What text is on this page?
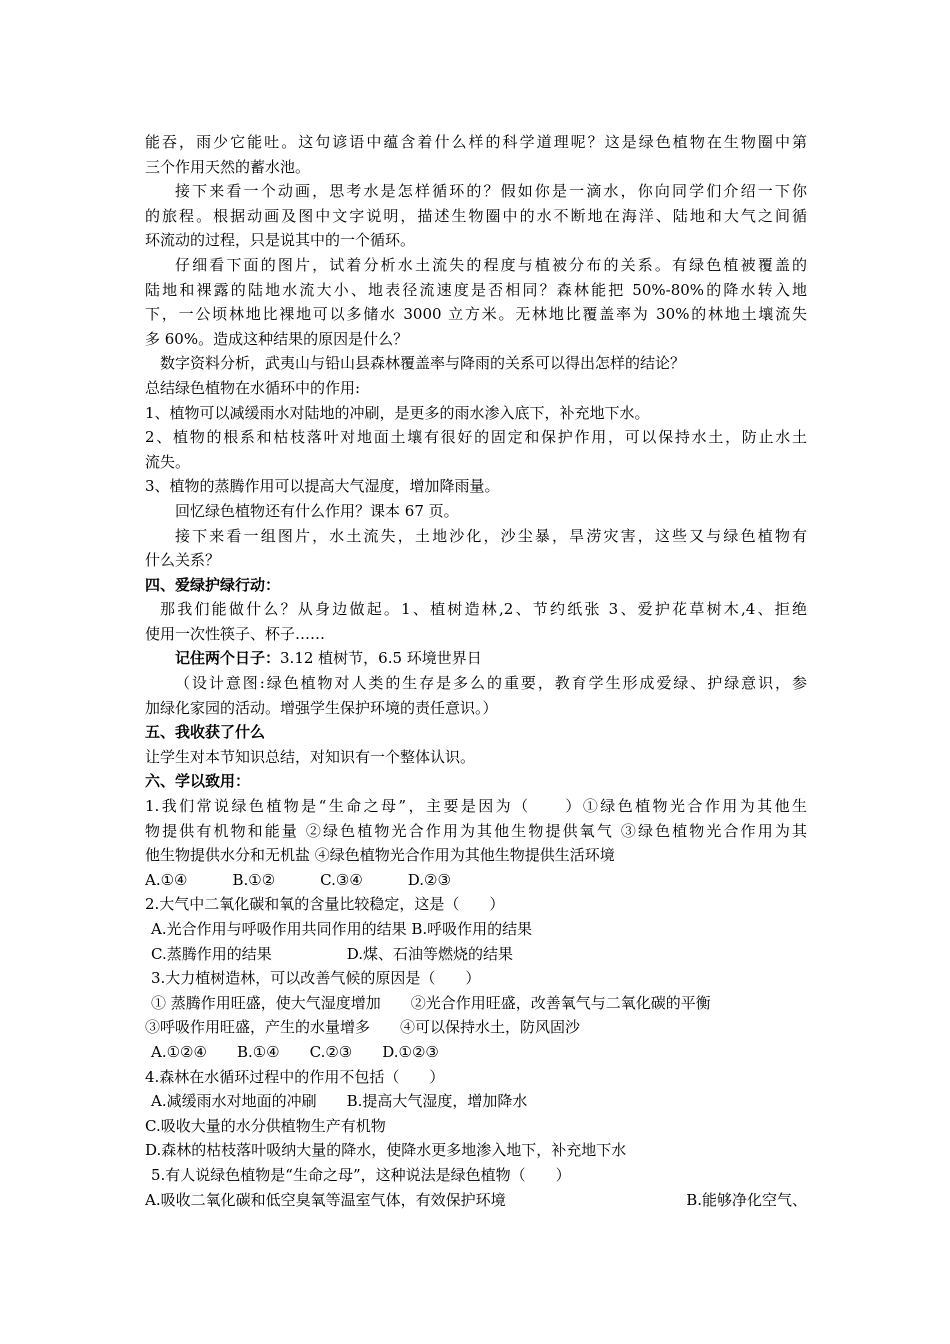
能吞，雨少它能吐。这句谚语中蕴含着什么样的科学道理呢？这是绿色植物在生物圈中第
三个作用天然的蓄水池。
接下来看一个动画，思考水是怎样循环的？假如你是一滴水，你向同学们介绍一下你
的旅程。根据动画及图中文字说明，描述生物圈中的水不断地在海洋、陆地和大气之间循
环流动的过程，只是说其中的一个循环。
仔细看下面的图片，试着分析水土流失的程度与植被分布的关系。有绿色植被覆盖的
陆地和裸露的陆地水流大小、地表径流速度是否相同？森林能把 50%-80%的降水转入地
下，一公顷林地比裸地可以多储水 3000 立方米。无林地比覆盖率为 30%的林地土壤流失
多 60%。造成这种结果的原因是什么？
数字资料分析，武夷山与铅山县森林覆盖率与降雨的关系可以得出怎样的结论？
总结绿色植物在水循环中的作用:
1、植物可以减缓雨水对陆地的冲刷，是更多的雨水渗入底下，补充地下水。
2、植物的根系和枯枝落叶对地面土壤有很好的固定和保护作用，可以保持水土，防止水土
流失。
3、植物的蒸腾作用可以提高大气湿度，增加降雨量。
回忆绿色植物还有什么作用？课本 67 页。
接下来看一组图片，水土流失，土地沙化，沙尘暴，旱涝灾害，这些又与绿色植物有
什么关系？
四、爱绿护绿行动：
那我们能做什么？从身边做起。1、植树造林,2、节约纸张 3、爱护花草树木,4、拒绝
使用一次性筷子、杯子……
记住两个日子：3.12 植树节，6.5 环境世界日
（设计意图:绿色植物对人类的生存是多么的重要，教育学生形成爱绿、护绿意识，参
加绿化家园的活动。增强学生保护环境的责任意识。）
五、我收获了什么
让学生对本节知识总结，对知识有一个整体认识。
六、学以致用：
1.我们常说绿色植物是“生命之母”，主要是因为（　　）①绿色植物光合作用为其他生
物提供有机物和能量 ②绿色植物光合作用为其他生物提供氧气 ③绿色植物光合作用为其
他生物提供水分和无机盐 ④绿色植物光合作用为其他生物提供生活环境
A.①④　　　B.①②　　　C.③④　　　D.②③
2.大气中二氧化碳和氧的含量比较稳定，这是（　　）
A.光合作用与呼吸作用共同作用的结果 B.呼吸作用的结果
C.蒸腾作用的结果　　　　　D.煤、石油等燃烧的结果
3.大力植树造林，可以改善气候的原因是（　　）
① 蒸腾作用旺盛，使大气湿度增加　　②光合作用旺盛，改善氧气与二氧化碳的平衡
③呼吸作用旺盛，产生的水量增多　　④可以保持水土，防风固沙
A.①②④　　B.①④　　C.②③　　D.①②③
4.森林在水循环过程中的作用不包括（　　）
A.减缓雨水对地面的冲刷　　B.提高大气湿度，增加降水
C.吸收大量的水分供植物生产有机物
D.森林的枯枝落叶吸纳大量的降水，使降水更多地渗入地下，补充地下水
5.有人说绿色植物是“生命之母”，这种说法是绿色植物（　　）
A.吸收二氧化碳和低空臭氧等温室气体，有效保护环境	B.能够净化空气、
